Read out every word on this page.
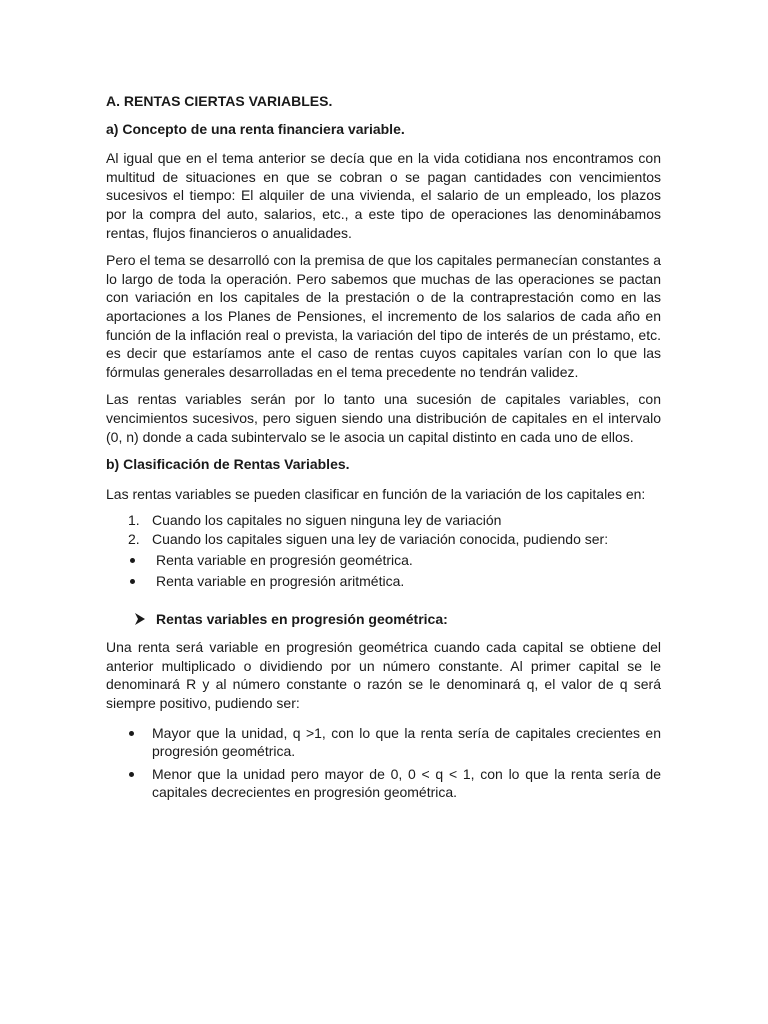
A. RENTAS CIERTAS VARIABLES.
a) Concepto de una renta financiera variable.

Al igual que en el tema anterior se decía que en la vida cotidiana nos encontramos con multitud de situaciones en que se cobran o se pagan cantidades con vencimientos sucesivos el tiempo: El alquiler de una vivienda, el salario de un empleado, los plazos por la compra del auto, salarios, etc., a este tipo de operaciones las denominábamos rentas, flujos financieros o anualidades.

Pero el tema se desarrolló con la premisa de que los capitales permanecían constantes a lo largo de toda la operación. Pero sabemos que muchas de las operaciones se pactan con variación en los capitales de la prestación o de la contraprestación como en las aportaciones a los Planes de Pensiones, el incremento de los salarios de cada año en función de la inflación real o prevista, la variación del tipo de interés de un préstamo, etc. es decir que estaríamos ante el caso de rentas cuyos capitales varían con lo que las fórmulas generales desarrolladas en el tema precedente no tendrán validez.

Las rentas variables serán por lo tanto una sucesión de capitales variables, con vencimientos sucesivos, pero siguen siendo una distribución de capitales en el intervalo (0, n) donde a cada subintervalo se le asocia un capital distinto en cada uno de ellos.

b) Clasificación de Rentas Variables.

Las rentas variables se pueden clasificar en función de la variación de los capitales en:

1. Cuando los capitales no siguen ninguna ley de variación
2. Cuando los capitales siguen una ley de variación conocida, pudiendo ser:
Renta variable en progresión geométrica.
Renta variable en progresión aritmética.
Rentas variables en progresión geométrica:

Una renta será variable en progresión geométrica cuando cada capital se obtiene del anterior multiplicado o dividiendo por un número constante. Al primer capital se le denominará R y al número constante o razón se le denominará q, el valor de q será siempre positivo, pudiendo ser:

Mayor que la unidad, q >1, con lo que la renta sería de capitales crecientes en progresión geométrica.
Menor que la unidad pero mayor de 0, 0 < q < 1, con lo que la renta sería de capitales decrecientes en progresión geométrica.
